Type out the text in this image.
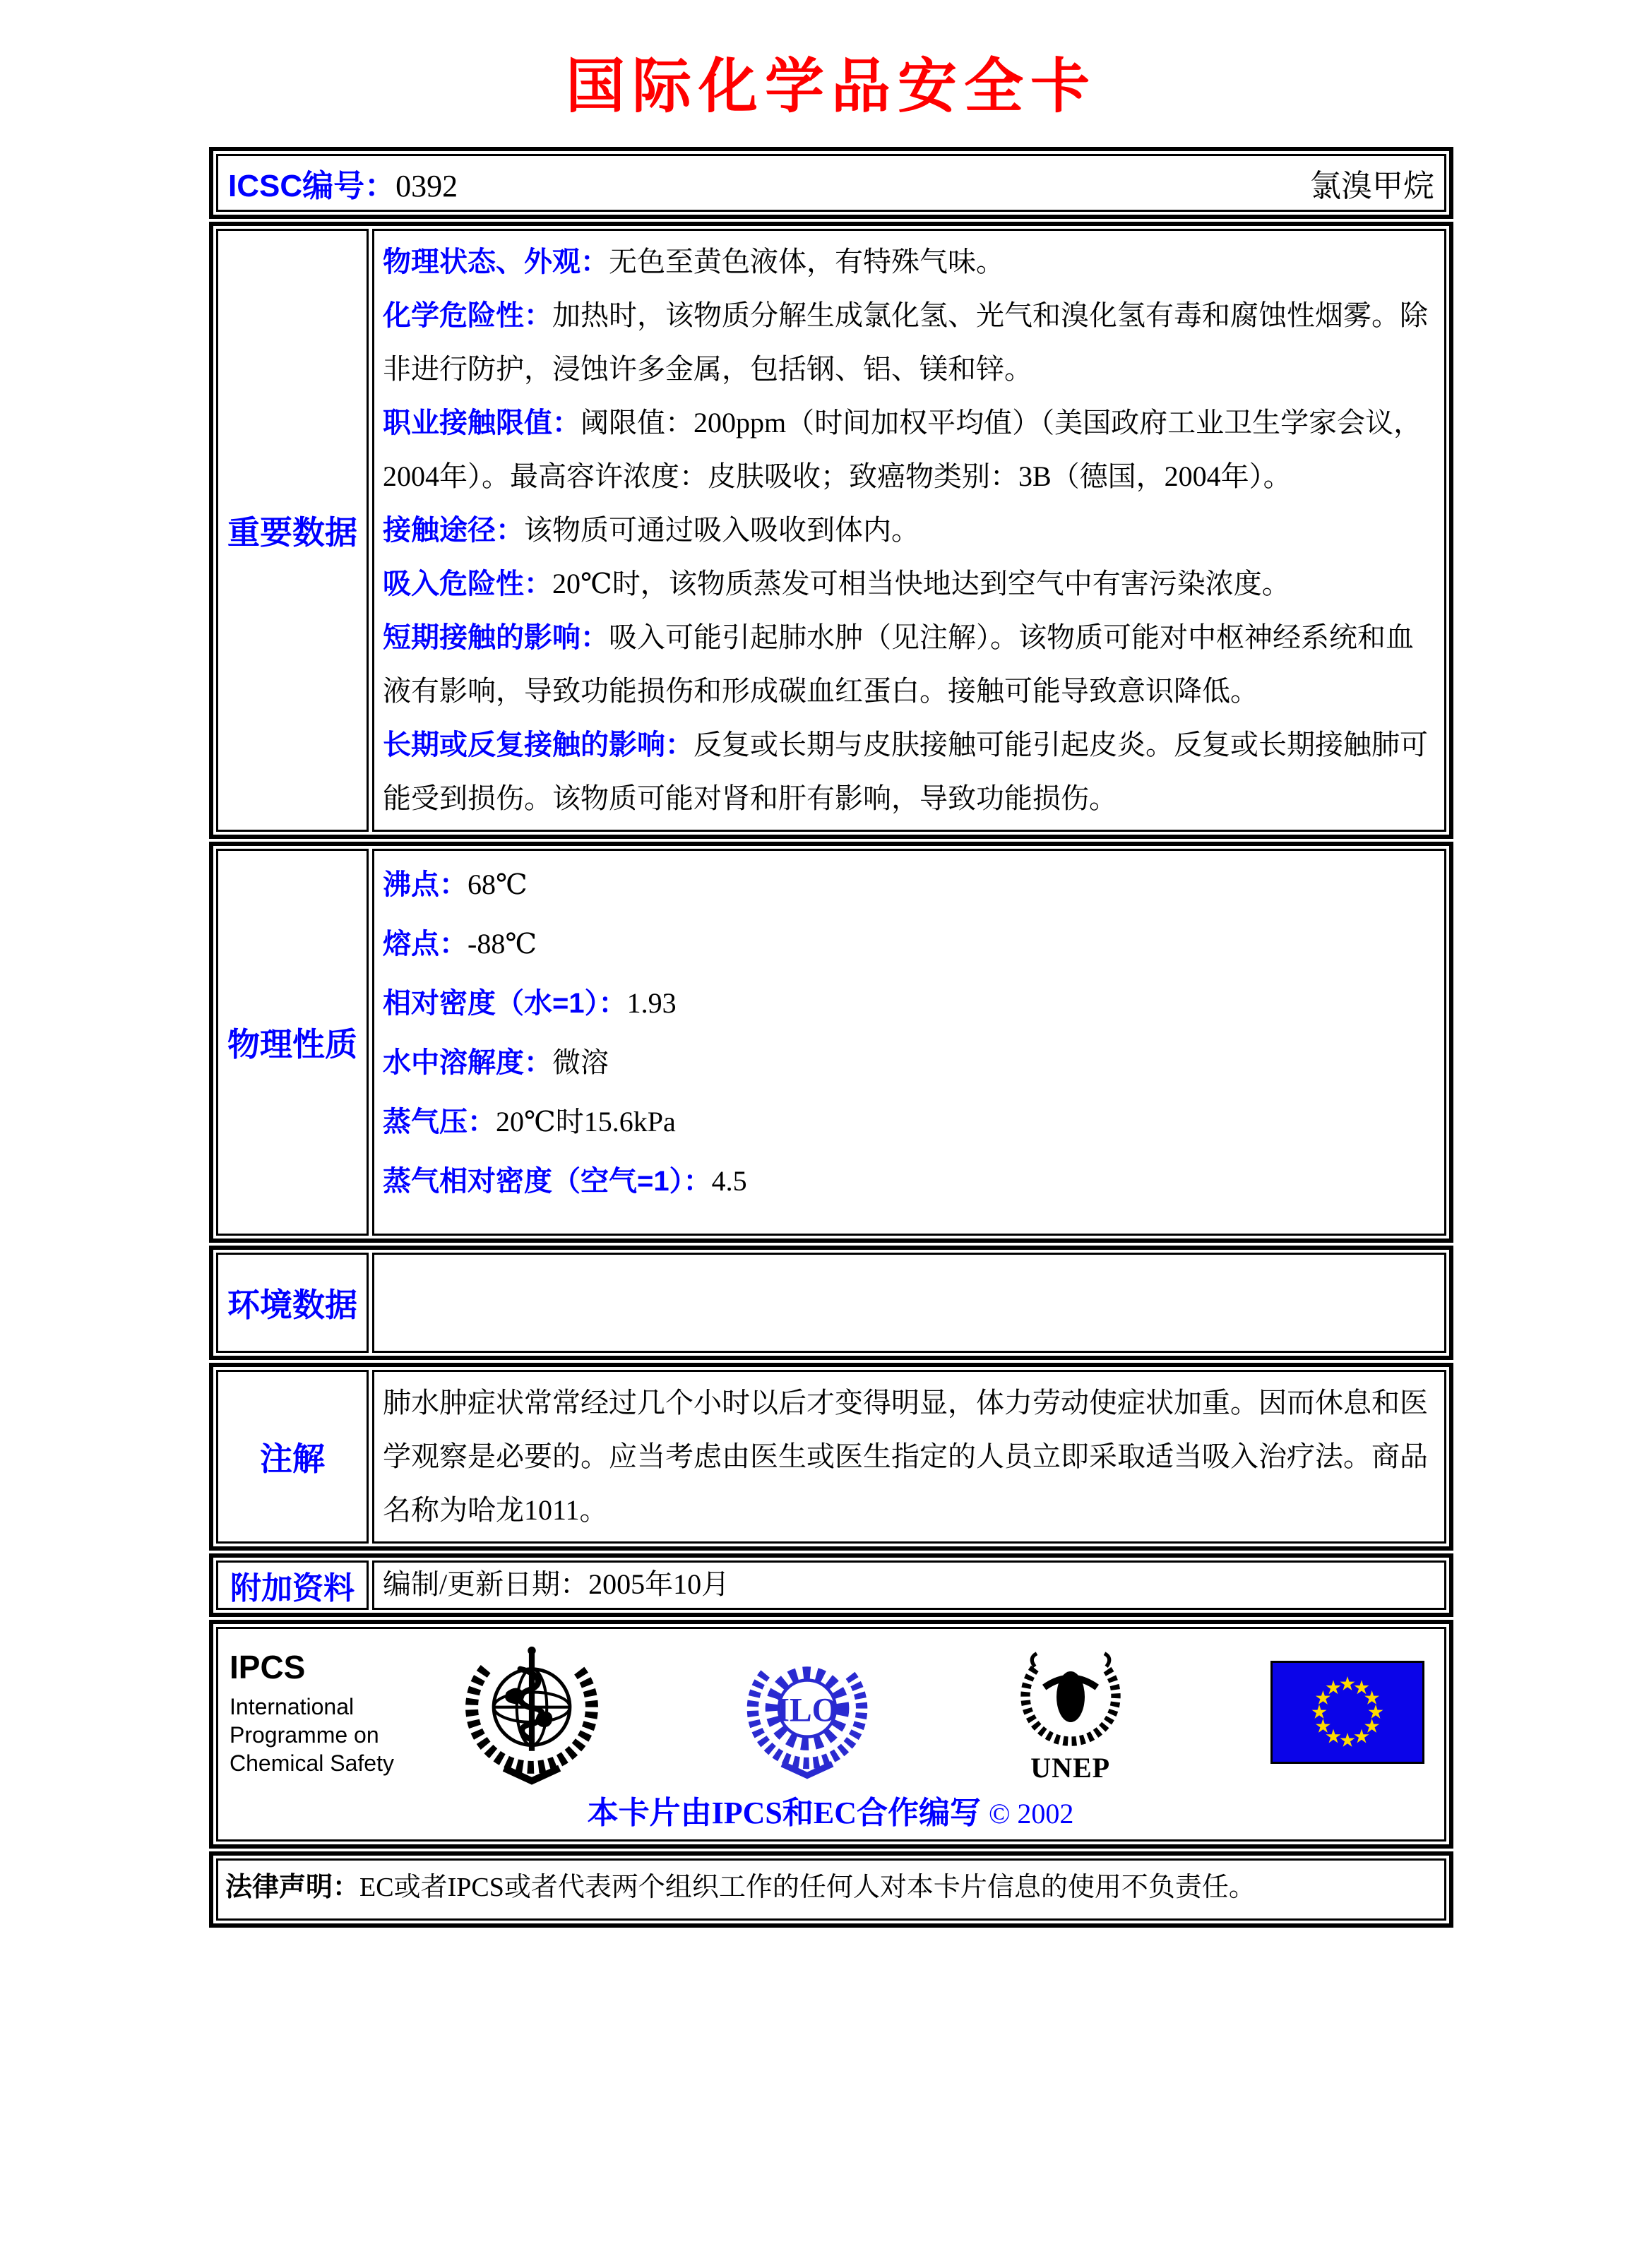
国际化学品安全卡
ICSC编号：0392	氯溴甲烷
重要数据

物理状态、外观：无色至黄色液体，有特殊气味。

化学危险性：加热时，该物质分解生成氯化氢、光气和溴化氢有毒和腐蚀性烟雾。除非进行防护，浸蚀许多金属，包括钢、铝、镁和锌。

职业接触限值：阈限值：200ppm（时间加权平均值）（美国政府工业卫生学家会议，2004年）。最高容许浓度：皮肤吸收；致癌物类别：3B（德国，2004年）。

接触途径：该物质可通过吸入吸收到体内。

吸入危险性：20℃时，该物质蒸发可相当快地达到空气中有害污染浓度。

短期接触的影响：吸入可能引起肺水肿（见注解）。该物质可能对中枢神经系统和血液有影响，导致功能损伤和形成碳血红蛋白。接触可能导致意识降低。

长期或反复接触的影响：反复或长期与皮肤接触可能引起皮炎。反复或长期接触肺可能受到损伤。该物质可能对肾和肝有影响，导致功能损伤。

物理性质

沸点：68℃

熔点：-88℃

相对密度（水=1）：1.93

水中溶解度：微溶

蒸气压：20℃时15.6kPa

蒸气相对密度（空气=1）：4.5

环境数据
注解
肺水肿症状常常经过几个小时以后才变得明显，体力劳动使症状加重。因而休息和医学观察是必要的。应当考虑由医生或医生指定的人员立即采取适当吸入治疗法。商品名称为哈龙1011。
附加资料	编制/更新日期：2005年10月
IPCS
International
Programme on
Chemical Safety
ILO
UNEP
本卡片由IPCS和EC合作编写 © 2002
法律声明：EC或者IPCS或者代表两个组织工作的任何人对本卡片信息的使用不负责任。
